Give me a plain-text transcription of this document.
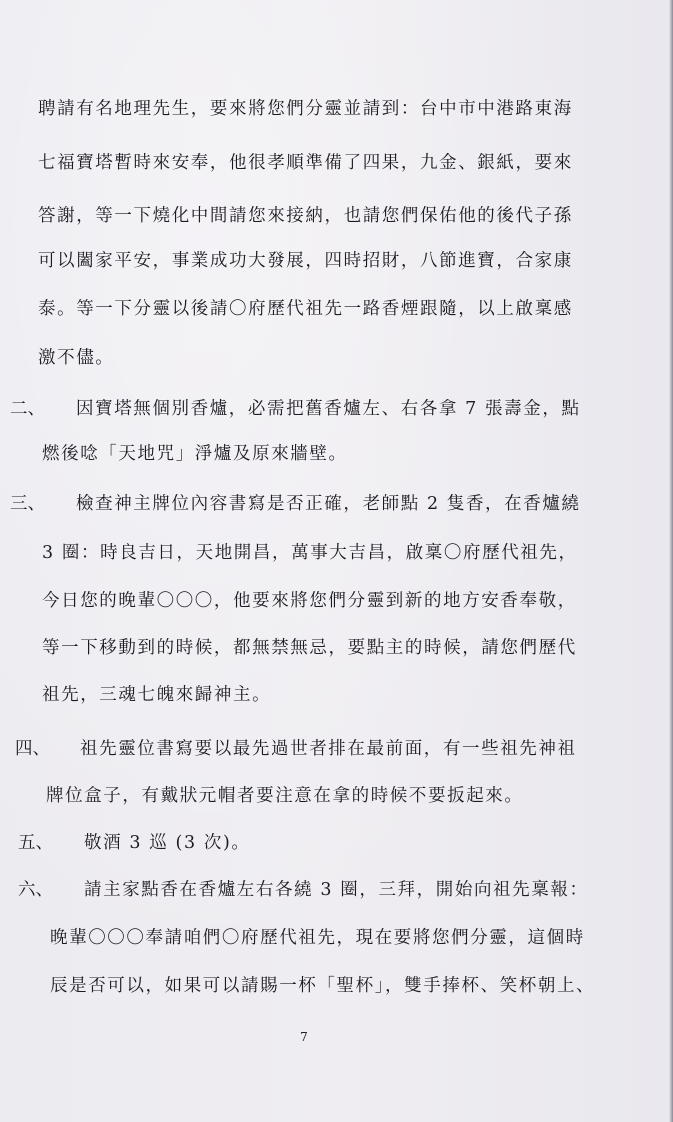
聘請有名地理先生，要來將您們分靈並請到：台中市中港路東海
七福寶塔暫時來安奉，他很孝順準備了四果，九金、銀紙，要來
答謝，等一下燒化中間請您來接納，也請您們保佑他的後代子孫
可以闔家平安，事業成功大發展，四時招財，八節進寶，合家康
泰。等一下分靈以後請〇府歷代祖先一路香煙跟隨，以上啟稟感
激不儘。
二、 因寶塔無個別香爐，必需把舊香爐左、右各拿 7 張壽金，點
燃後唸「天地咒」淨爐及原來牆壁。
三、 檢查神主牌位內容書寫是否正確，老師點 2 隻香，在香爐繞
3 圈：時良吉日，天地開昌，萬事大吉昌，啟稟〇府歷代祖先，
今日您的晚輩〇〇〇，他要來將您們分靈到新的地方安香奉敬，
等一下移動到的時候，都無禁無忌，要點主的時候，請您們歷代
祖先，三魂七魄來歸神主。
四、 祖先靈位書寫要以最先過世者排在最前面，有一些祖先神祖
牌位盒子，有戴狀元帽者要注意在拿的時候不要扳起來。
五、 敬酒 3 巡 (3 次)。
六、 請主家點香在香爐左右各繞 3 圈，三拜，開始向祖先稟報：
晚輩〇〇〇奉請咱們〇府歷代祖先，現在要將您們分靈，這個時
辰是否可以，如果可以請賜一杯「聖杯」，雙手捧杯、笑杯朝上、
7
